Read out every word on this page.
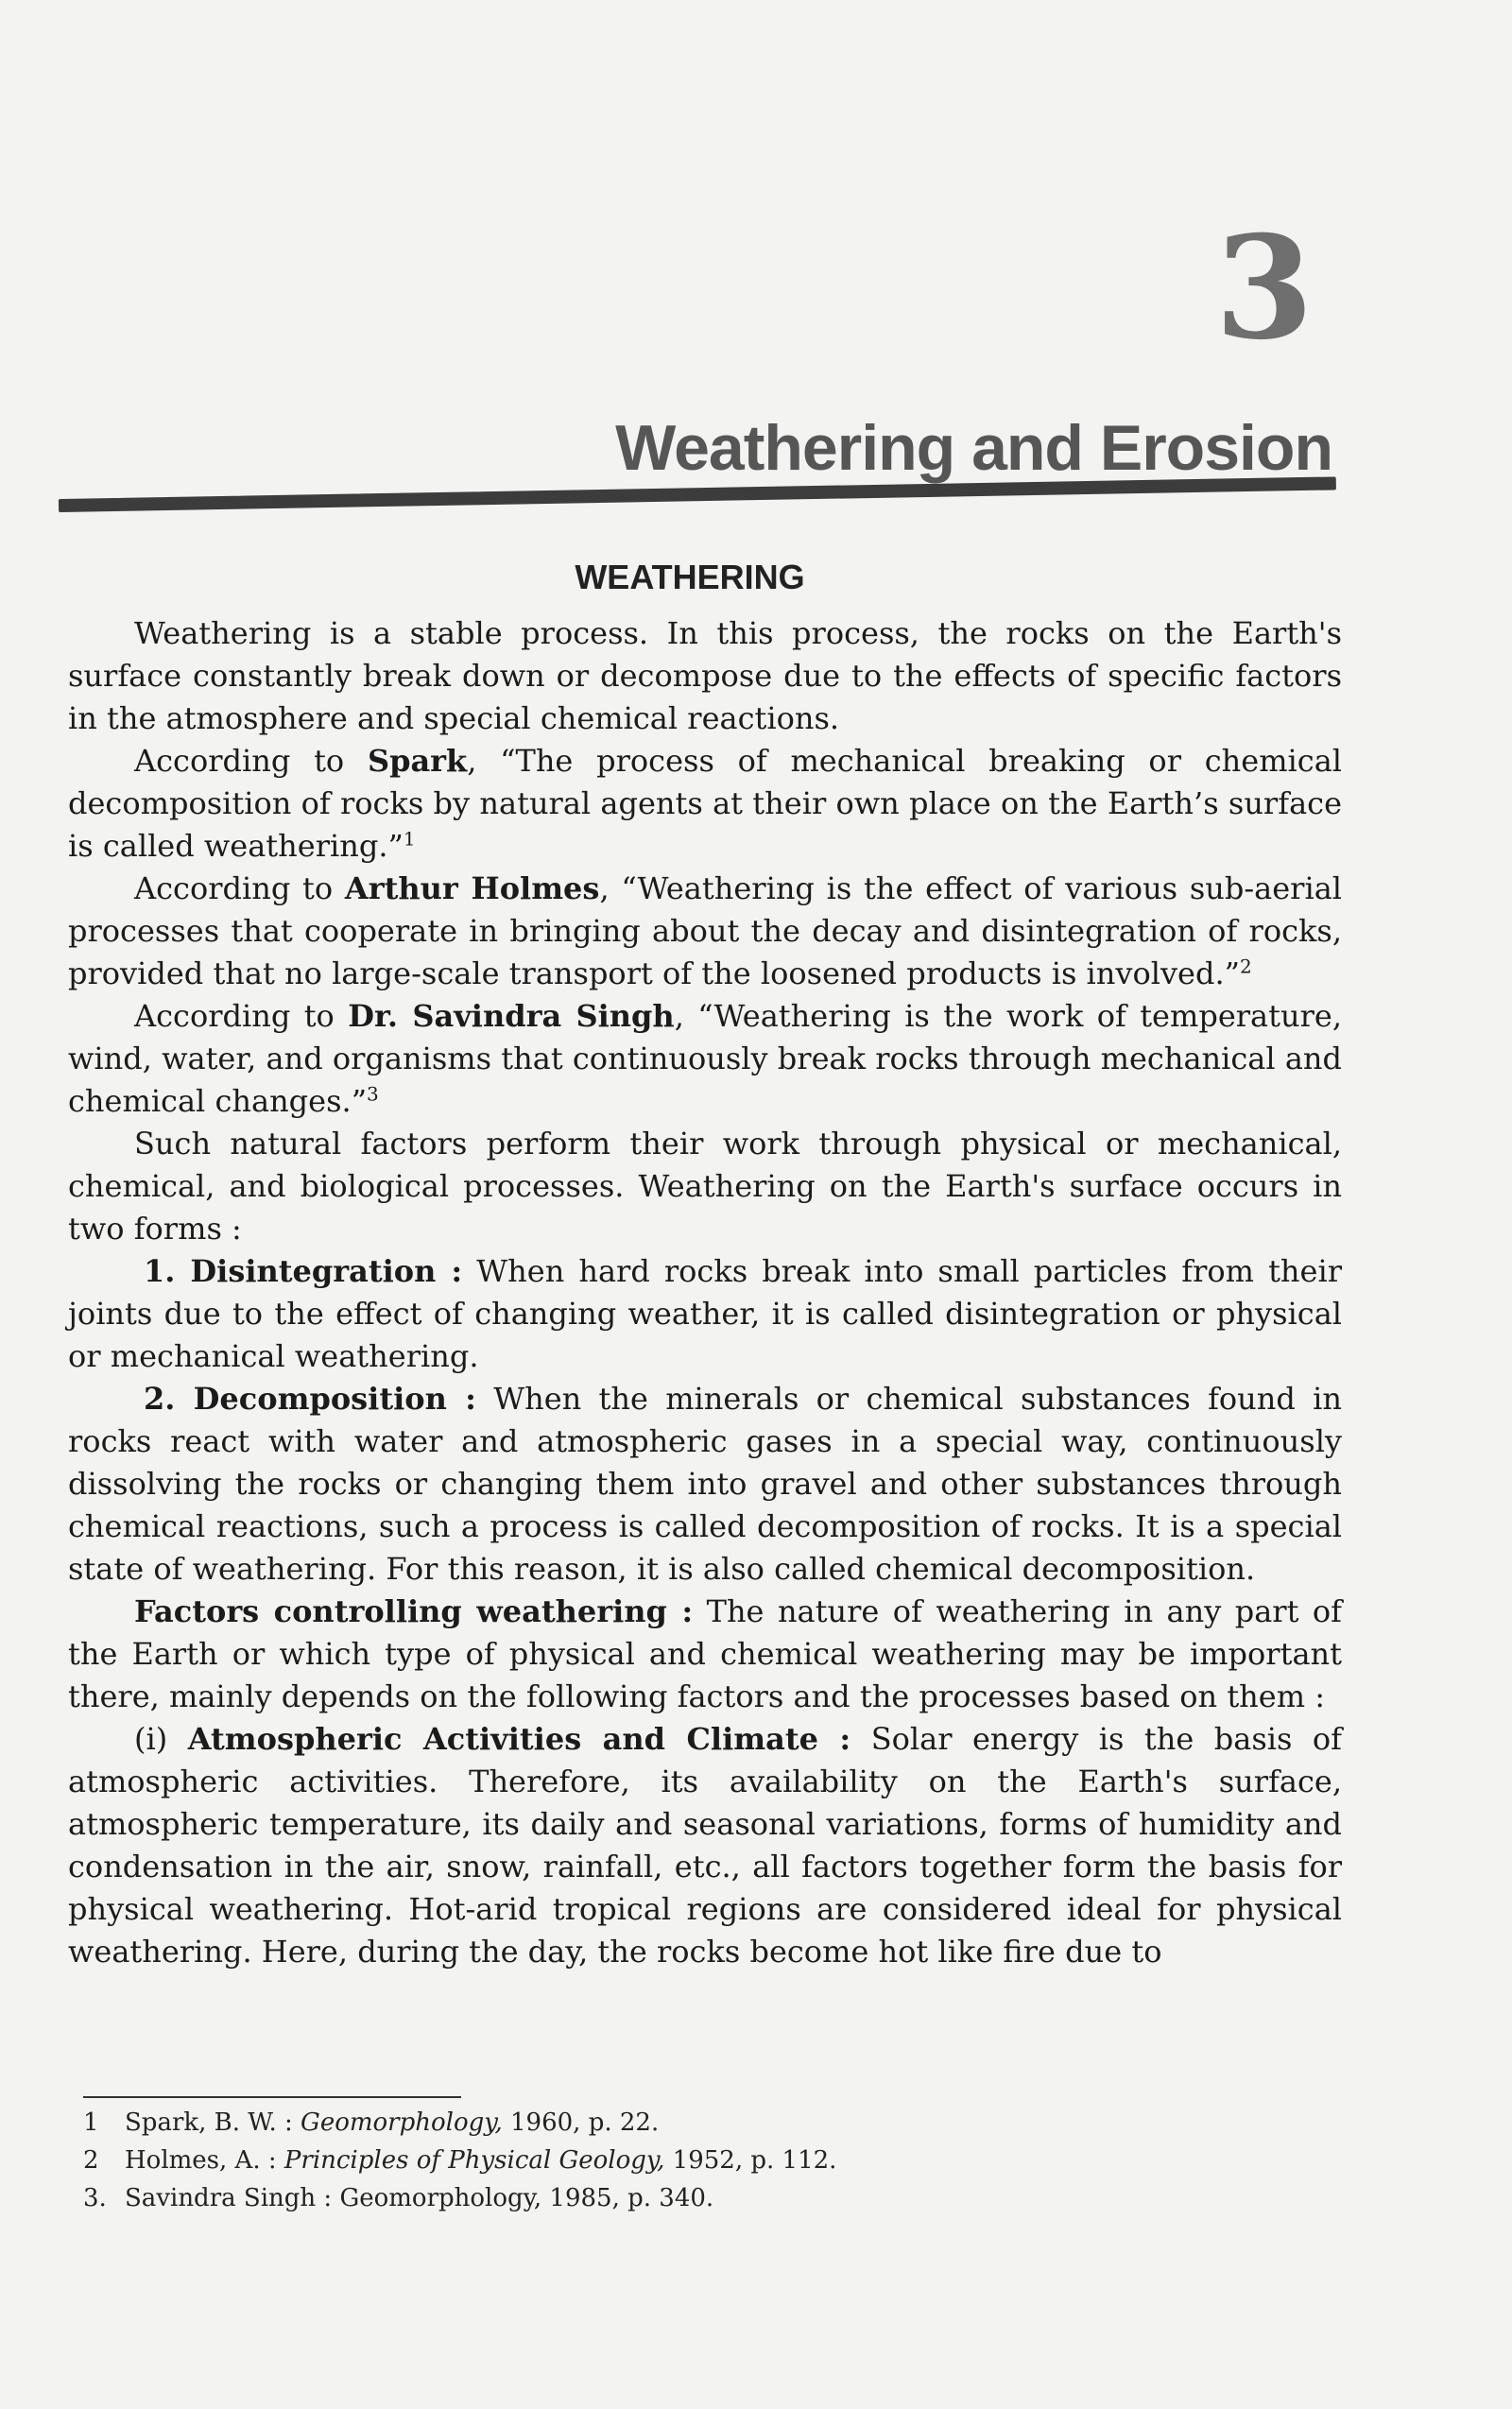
3
Weathering and Erosion
WEATHERING

Weathering is a stable process. In this process, the rocks on the Earth's surface constantly break down or decompose due to the effects of specific factors in the atmosphere and special chemical reactions.

According to Spark, “The process of mechanical breaking or chemical decomposition of rocks by natural agents at their own place on the Earth’s surface is called weathering.”$^1$

According to Arthur Holmes, “Weathering is the effect of various sub-aerial processes that cooperate in bringing about the decay and disintegration of rocks, provided that no large-scale transport of the loosened products is involved.”$^2$

According to Dr. Savindra Singh, “Weathering is the work of temperature, wind, water, and organisms that continuously break rocks through mechanical and chemical changes.”$^3$

Such natural factors perform their work through physical or mechanical, chemical, and biological processes. Weathering on the Earth's surface occurs in two forms :

1. Disintegration : When hard rocks break into small particles from their joints due to the effect of changing weather, it is called disintegration or physical or mechanical weathering.

2. Decomposition : When the minerals or chemical substances found in rocks react with water and atmospheric gases in a special way, continuously dissolving the rocks or changing them into gravel and other substances through chemical reactions, such a process is called decomposition of rocks. It is a special state of weathering. For this reason, it is also called chemical decomposition.

Factors controlling weathering : The nature of weathering in any part of the Earth or which type of physical and chemical weathering may be important there, mainly depends on the following factors and the processes based on them :

(i) Atmospheric Activities and Climate : Solar energy is the basis of atmospheric activities. Therefore, its availability on the Earth's surface, atmospheric temperature, its daily and seasonal variations, forms of humidity and condensation in the air, snow, rainfall, etc., all factors together form the basis for physical weathering. Hot-arid tropical regions are considered ideal for physical weathering. Here, during the day, the rocks become hot like fire due to

1	Spark, B. W. : Geomorphology, 1960, p. 22.
2	Holmes, A. : Principles of Physical Geology, 1952, p. 112.
3. Savindra Singh : Geomorphology, 1985, p. 340.
